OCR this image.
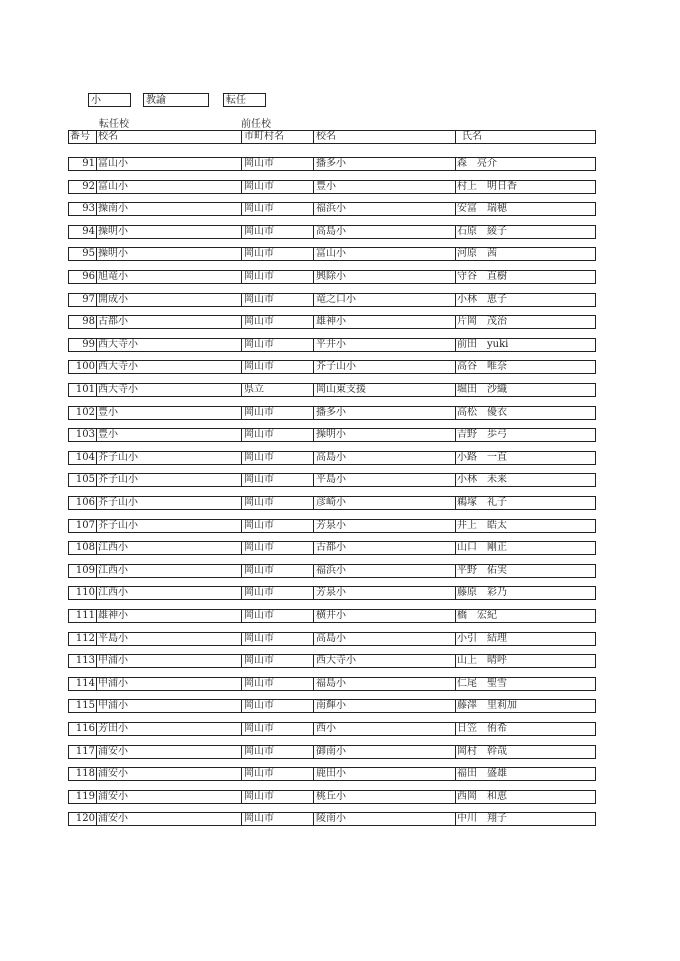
小	教諭	転任
転任校	前任校
番号 校名	市町村名	校名	氏名
91 富山小	岡山市	播多小	森　亮介
92 富山小	岡山市	豊小	村上　明日香
93 操南小	岡山市	福浜小	安富　瑞穂
94 操明小	岡山市	高島小	石原　綾子
95 操明小	岡山市	富山小	河原　茜
96 旭竜小	岡山市	興除小	守谷　直樹
97 開成小	岡山市	竜之口小	小林　恵子
98 古都小	岡山市	雄神小	片岡　茂治
99 西大寺小	岡山市	平井小	前田　yuki
100 西大寺小	岡山市	芥子山小	高谷　唯奈
101 西大寺小	県立	岡山東支援	堀田　沙織
102 豊小	岡山市	播多小	高松　優衣
103 豊小	岡山市	操明小	吉野　歩弓
104 芥子山小	岡山市	高島小	小路　一直
105 芥子山小	岡山市	平島小	小林　未来
106 芥子山小	岡山市	彦崎小	鵜塚　礼子
107 芥子山小	岡山市	芳泉小	井上　皓太
108 江西小	岡山市	古都小	山口　剛正
109 江西小	岡山市	福浜小	平野　佑実
110 江西小	岡山市	芳泉小	藤原　彩乃
111 雄神小	岡山市	横井小	橋　宏紀
112 平島小	岡山市	高島小	小引　結理
113 甲浦小	岡山市	西大寺小	山上　晴呼
114 甲浦小	岡山市	福島小	仁尾　聖雪
115 甲浦小	岡山市	南輝小	藤澤　里莉加
116 芳田小	岡山市	西小	日笠　侑希
117 浦安小	岡山市	御南小	岡村　幹哉
118 浦安小	岡山市	鹿田小	福田　盛雄
119 浦安小	岡山市	桃丘小	西岡　和恵
120 浦安小	岡山市	陵南小	中川　翔子
